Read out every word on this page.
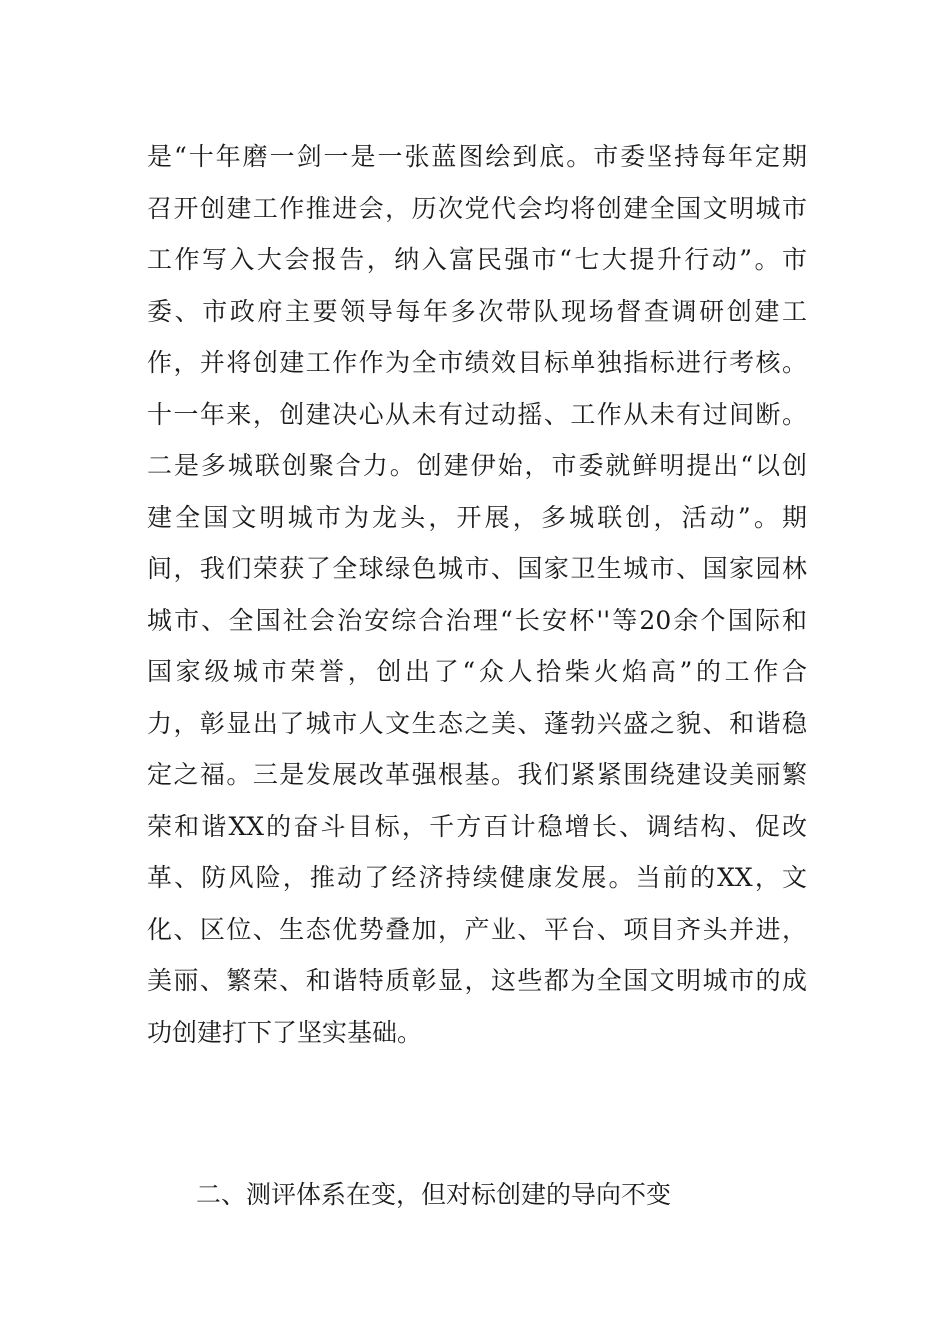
是“十年磨一剑一是一张蓝图绘到底。市委坚持每年定期
召开创建工作推进会，历次党代会均将创建全国文明城市
工作写入大会报告，纳入富民强市“七大提升行动”。市
委、市政府主要领导每年多次带队现场督查调研创建工
作，并将创建工作作为全市绩效目标单独指标进行考核。
十一年来，创建决心从未有过动摇、工作从未有过间断。
二是多城联创聚合力。创建伊始，市委就鲜明提出“以创
建全国文明城市为龙头，开展，多城联创，活动”。期
间，我们荣获了全球绿色城市、国家卫生城市、国家园林
城市、全国社会治安综合治理“长安杯''等20余个国际和
国家级城市荣誉，创出了“众人拾柴火焰高”的工作合
力，彰显出了城市人文生态之美、蓬勃兴盛之貌、和谐稳
定之福。三是发展改革强根基。我们紧紧围绕建设美丽繁
荣和谐XX的奋斗目标，千方百计稳增长、调结构、促改
革、防风险，推动了经济持续健康发展。当前的XX，文
化、区位、生态优势叠加，产业、平台、项目齐头并进，
美丽、繁荣、和谐特质彰显，这些都为全国文明城市的成
功创建打下了坚实基础。
二、测评体系在变，但对标创建的导向不变
